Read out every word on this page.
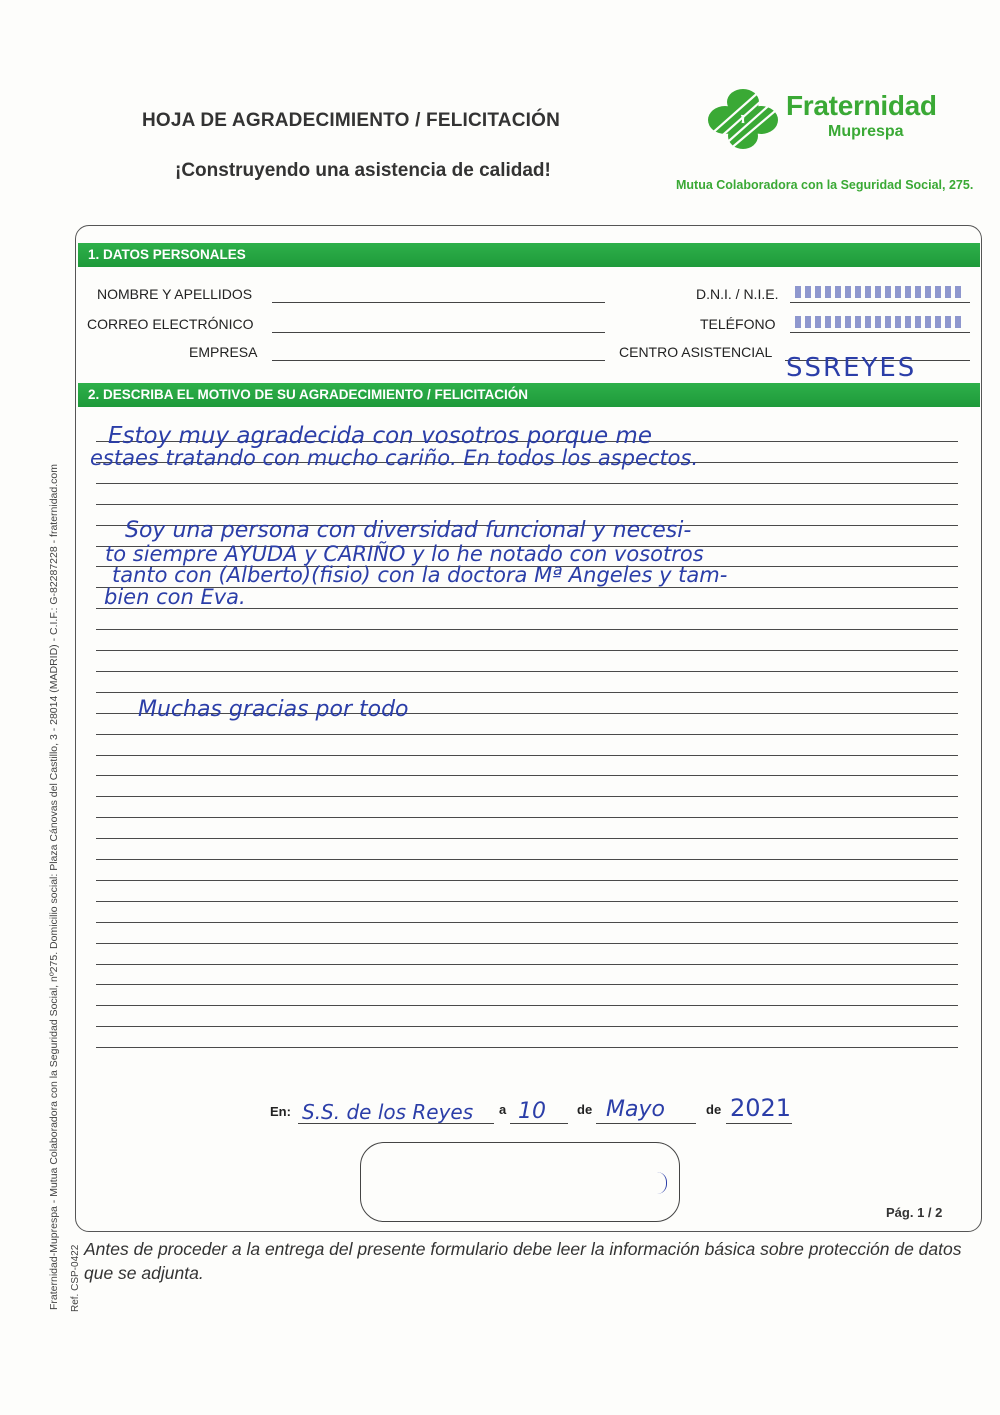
HOJA DE AGRADECIMIENTO / FELICITACIÓN
¡Construyendo una asistencia de calidad!
Fraternidad
Muprespa
Mutua Colaboradora con la Seguridad Social, 275.
Fraternidad-Muprespa - Mutua Colaboradora con la Seguridad Social, nº275. Domicilio social: Plaza Cánovas del Castillo, 3 - 28014 (MADRID) - C.I.F.: G-82287228 - fraternidad.com Ref. CSP-0422
1. DATOS PERSONALES
NOMBRE Y APELLIDOS	D.N.I. / N.I.E.
CORREO ELECTRÓNICO	TELÉFONO
EMPRESA	CENTRO ASISTENCIAL
SSREYES
2. DESCRIBA EL MOTIVO DE SU AGRADECIMIENTO / FELICITACIÓN
Estoy muy agradecida con vosotros porque me
estaes tratando con mucho cariño. En todos los aspectos.
Soy una persona con diversidad funcional y necesi-
to siempre AYUDA y CARIÑO y lo he notado con vosotros
tanto con (Alberto)(fisio) con la doctora Mª Angeles y tam-
bien con Eva.
Muchas gracias por todo
En: S.S. de los Reyes a 10 de Mayo	de 2021
Pág. 1 / 2
Antes de proceder a la entrega del presente formulario debe leer la información básica sobre protección de datos que se adjunta.
